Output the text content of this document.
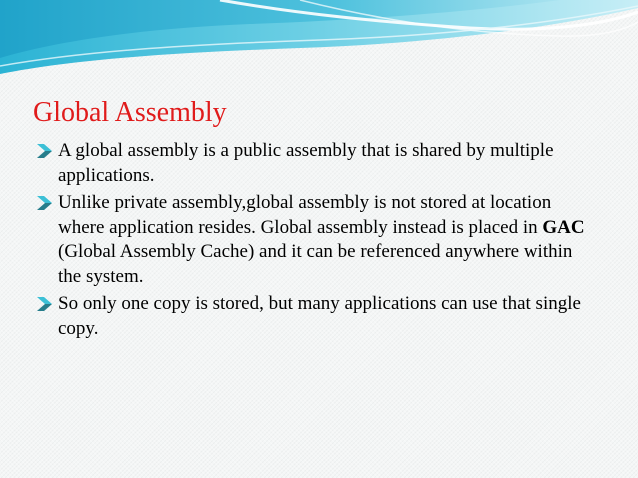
Global Assembly
A global assembly is a public assembly that is shared by multiple applications.
Unlike private assembly,global assembly is not stored at location where application resides. Global assembly instead is placed in GAC (Global Assembly Cache) and it can be referenced anywhere within the system.
So only one copy is stored, but many applications can use that single copy.
